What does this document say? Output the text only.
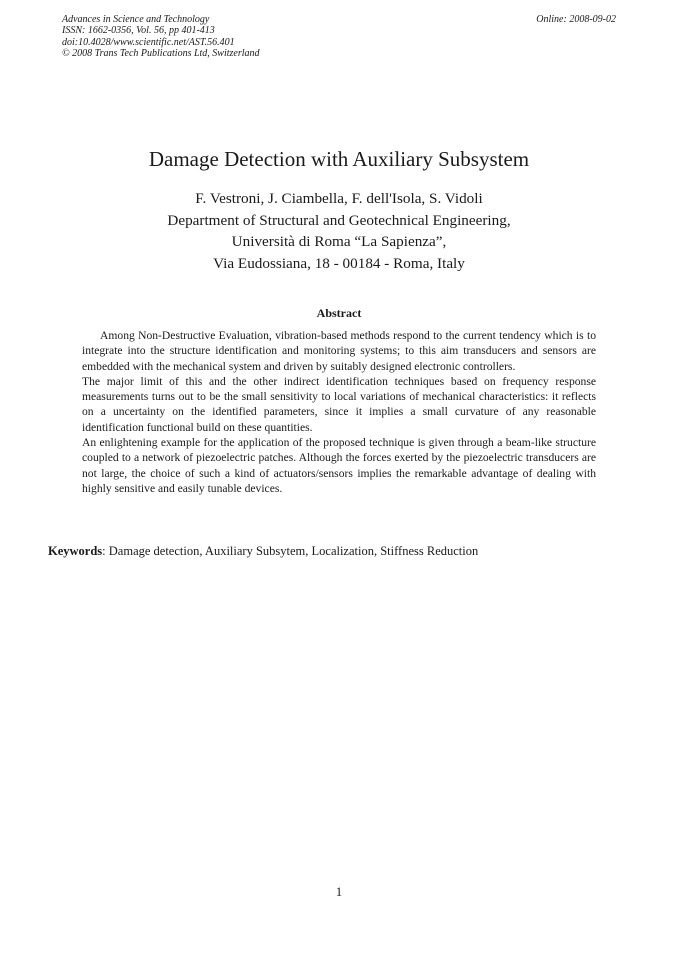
Advances in Science and Technology
ISSN: 1662-0356, Vol. 56, pp 401-413
doi:10.4028/www.scientific.net/AST.56.401
© 2008 Trans Tech Publications Ltd, Switzerland
Online: 2008-09-02
Damage Detection with Auxiliary Subsystem
F. Vestroni, J. Ciambella, F. dell'Isola, S. Vidoli
Department of Structural and Geotechnical Engineering,
Università di Roma “La Sapienza”,
Via Eudossiana, 18 - 00184 - Roma, Italy
Abstract

Among Non-Destructive Evaluation, vibration-based methods respond to the current tendency which is to integrate into the structure identification and monitoring systems; to this aim transducers and sensors are embedded with the mechanical system and driven by suitably designed electronic controllers.

The major limit of this and the other indirect identification techniques based on frequency response measurements turns out to be the small sensitivity to local variations of mechanical characteristics: it reflects on a uncertainty on the identified parameters, since it implies a small curvature of any reasonable identification functional build on these quantities.

An enlightening example for the application of the proposed technique is given through a beam-like structure coupled to a network of piezoelectric patches. Although the forces exerted by the piezoelectric transducers are not large, the choice of such a kind of actuators/sensors implies the remarkable advantage of dealing with highly sensitive and easily tunable devices.

Keywords: Damage detection, Auxiliary Subsytem, Localization, Stiffness Reduction
1
